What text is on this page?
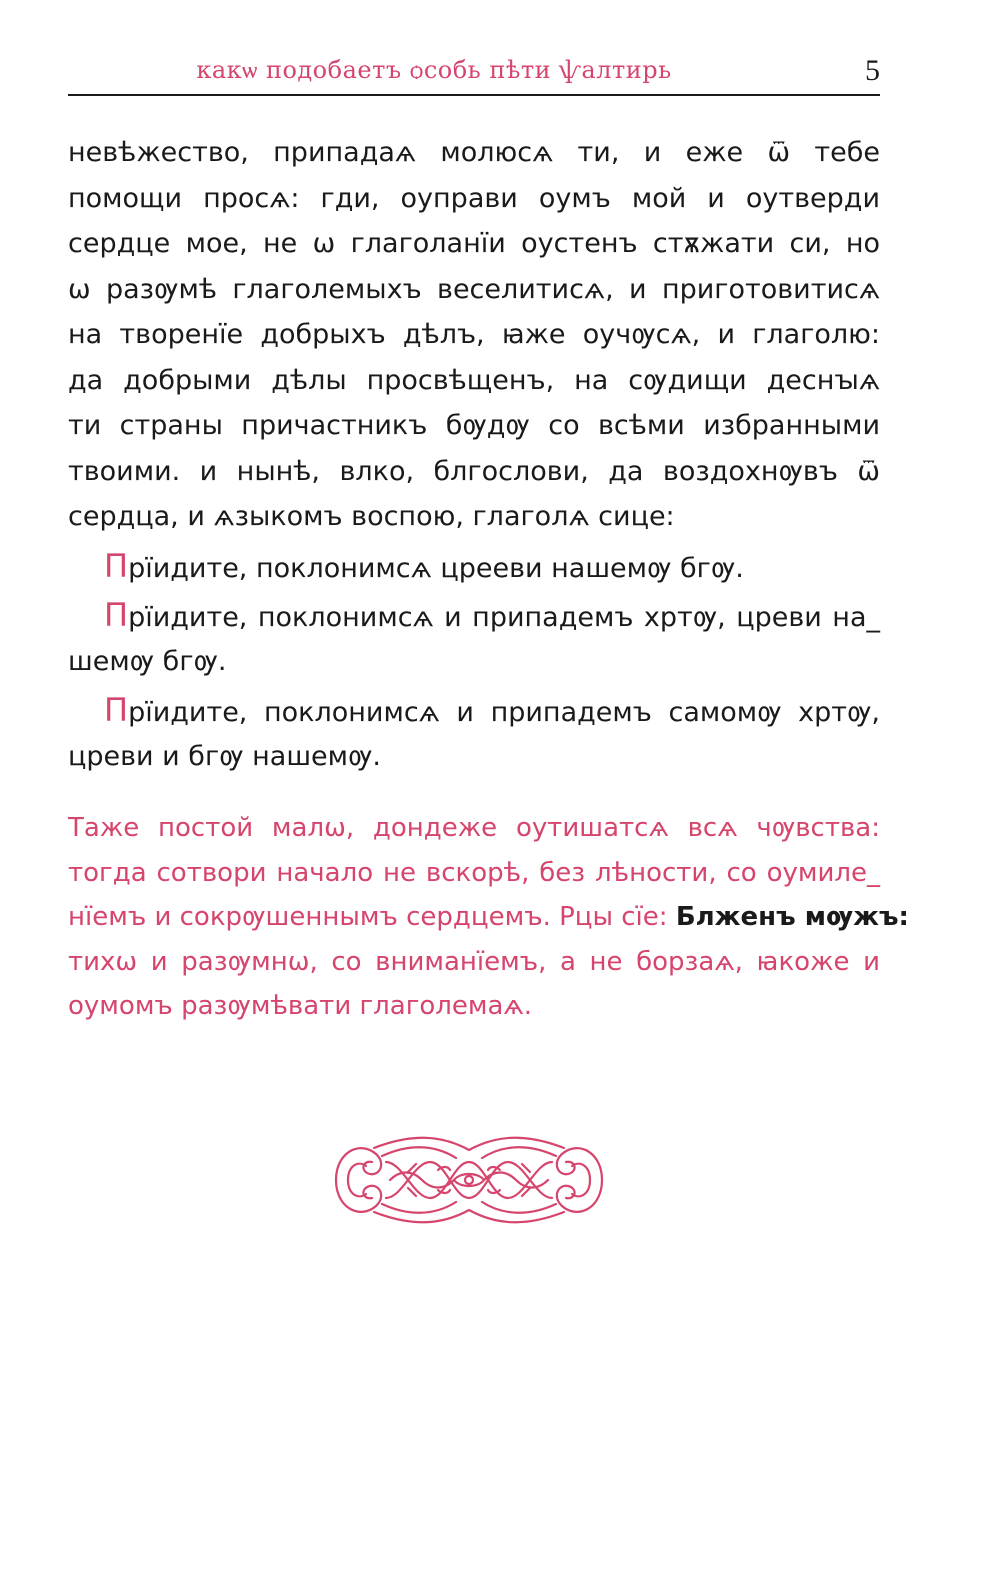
какѡ подобаетъ ѻсобь пѣти ѱалтирь	5
невѣжество, припадаѧ молюсѧ ти, и еже ѿ тебе
помощи просѧ: гди, оуправи оумъ мой и оутверди
сердце мое, не ѡ глаголанїи оустенъ стѫжати си, но
ѡ разѹмѣ глаголемыхъ веселитисѧ, и приготовитисѧ
на творенїе добрыхъ дѣлъ, ꙗже оучѹсѧ, и глаголю:
да добрыми дѣлы просвѣщенъ, на сѹдищи деснꙑѧ
ти страны причастникъ бѹдѹ со всѣми избранными
твоими. и нынѣ, влко, блгослови, да воздохнѹвъ ѿ
сердца, и ѧзыкомъ воспою, глаголѧ сице:
Прїидите, поклонимсѧ црееви нашемѹ бгѹ.
Прїидите, поклонимсѧ и припадемъ хртѹ, цреви на_
шемѹ бгѹ.
Прїидите, поклонимсѧ и припадемъ самомѹ хртѹ,
цреви и бгѹ нашемѹ.
Таже постой малѡ, дондеже оутишатсѧ всѧ чѹвства:
тогда сотвори начало не вскорѣ, без лѣности, со оумиле_
нїемъ и сокрѹшеннымъ сердцемъ. Рцы сїе: Блженъ мѹжъ:
тихѡ и разѹмнѡ, со вниманїемъ, а не борзаѧ, ꙗкоже и
оумомъ разѹмѣвати глаголемаѧ.
